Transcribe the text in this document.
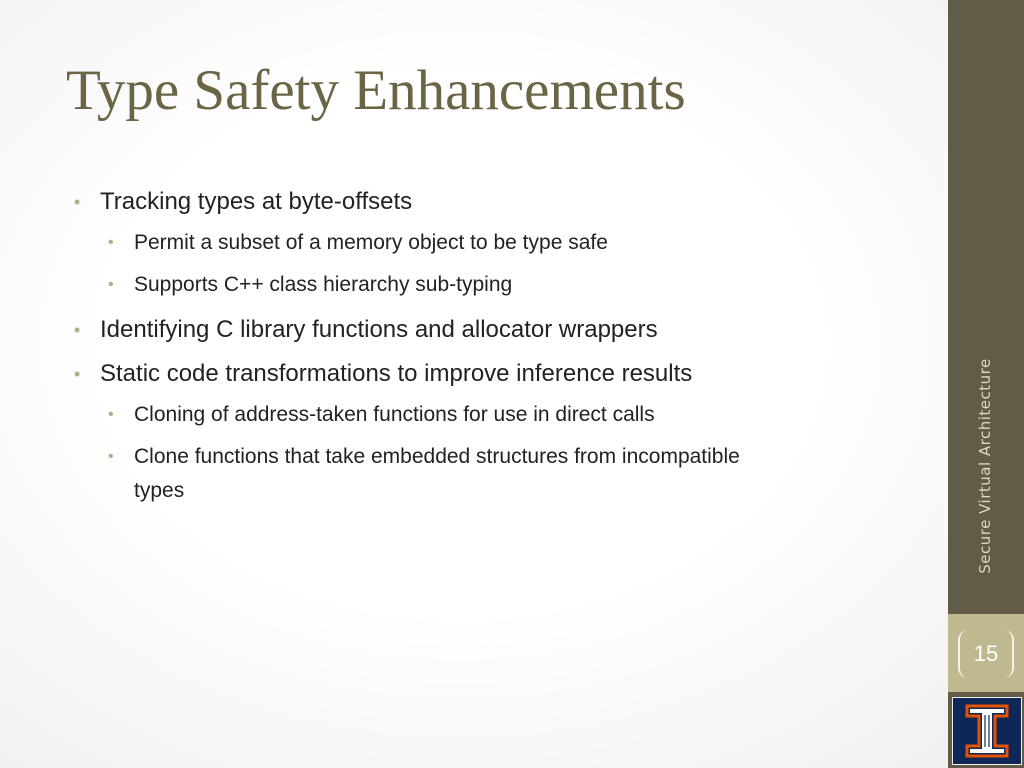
Type Safety Enhancements
• Tracking types at byte-offsets
• Permit a subset of a memory object to be type safe
• Supports C++ class hierarchy sub-typing
• Identifying C library functions and allocator wrappers
• Static code transformations to improve inference results
• Cloning of address-taken functions for use in direct calls
• Clone functions that take embedded structures from incompatible types	Secure Virtual Architecture
15
